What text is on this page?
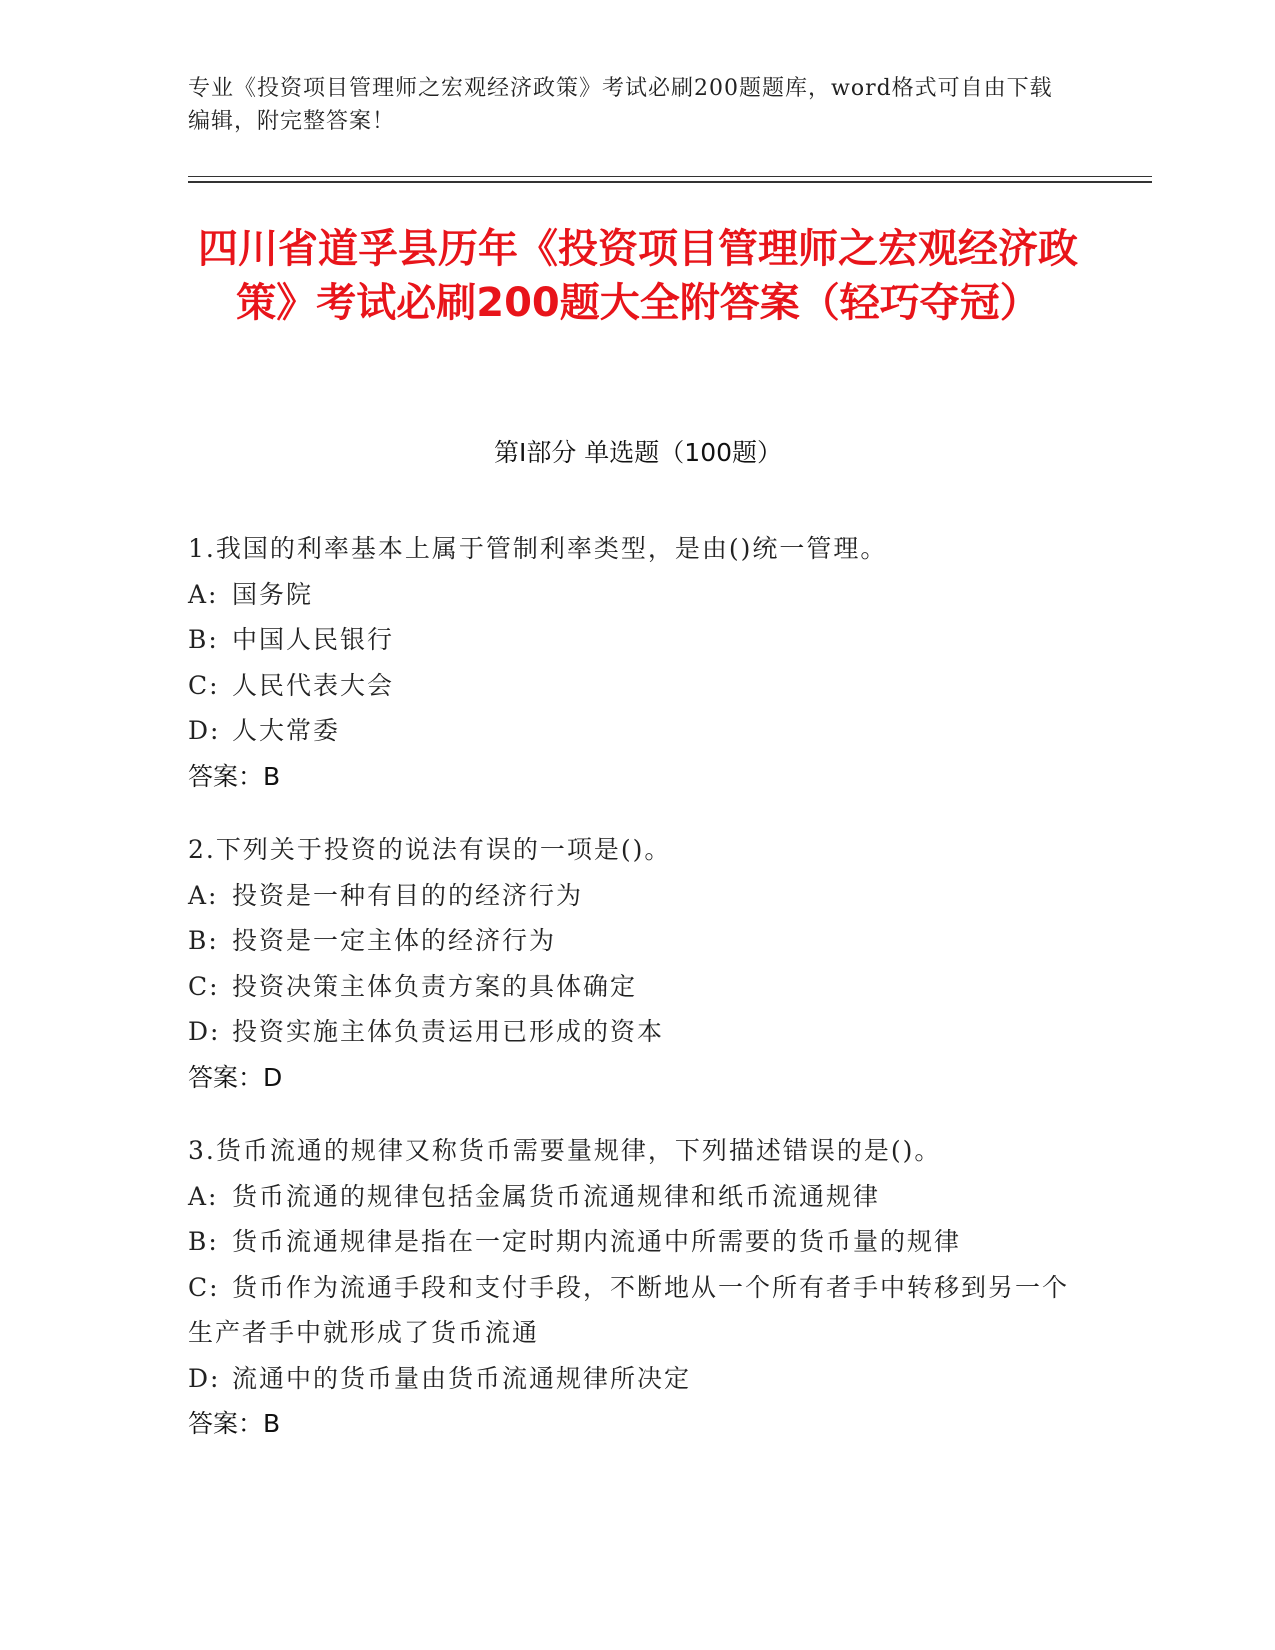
专业《投资项目管理师之宏观经济政策》考试必刷200题题库，word格式可自由下载编辑，附完整答案！
四川省道孚县历年《投资项目管理师之宏观经济政策》考试必刷200题大全附答案（轻巧夺冠）
第Ⅰ部分 单选题（100题）
1.我国的利率基本上属于管制利率类型，是由()统一管理。
A: 国务院
B: 中国人民银行
C: 人民代表大会
D: 人大常委
答案：B
2.下列关于投资的说法有误的一项是()。
A: 投资是一种有目的的经济行为
B: 投资是一定主体的经济行为
C: 投资决策主体负责方案的具体确定
D: 投资实施主体负责运用已形成的资本
答案：D
3.货币流通的规律又称货币需要量规律，下列描述错误的是()。
A: 货币流通的规律包括金属货币流通规律和纸币流通规律
B: 货币流通规律是指在一定时期内流通中所需要的货币量的规律
C: 货币作为流通手段和支付手段，不断地从一个所有者手中转移到另一个生产者手中就形成了货币流通
D: 流通中的货币量由货币流通规律所决定
答案：B
